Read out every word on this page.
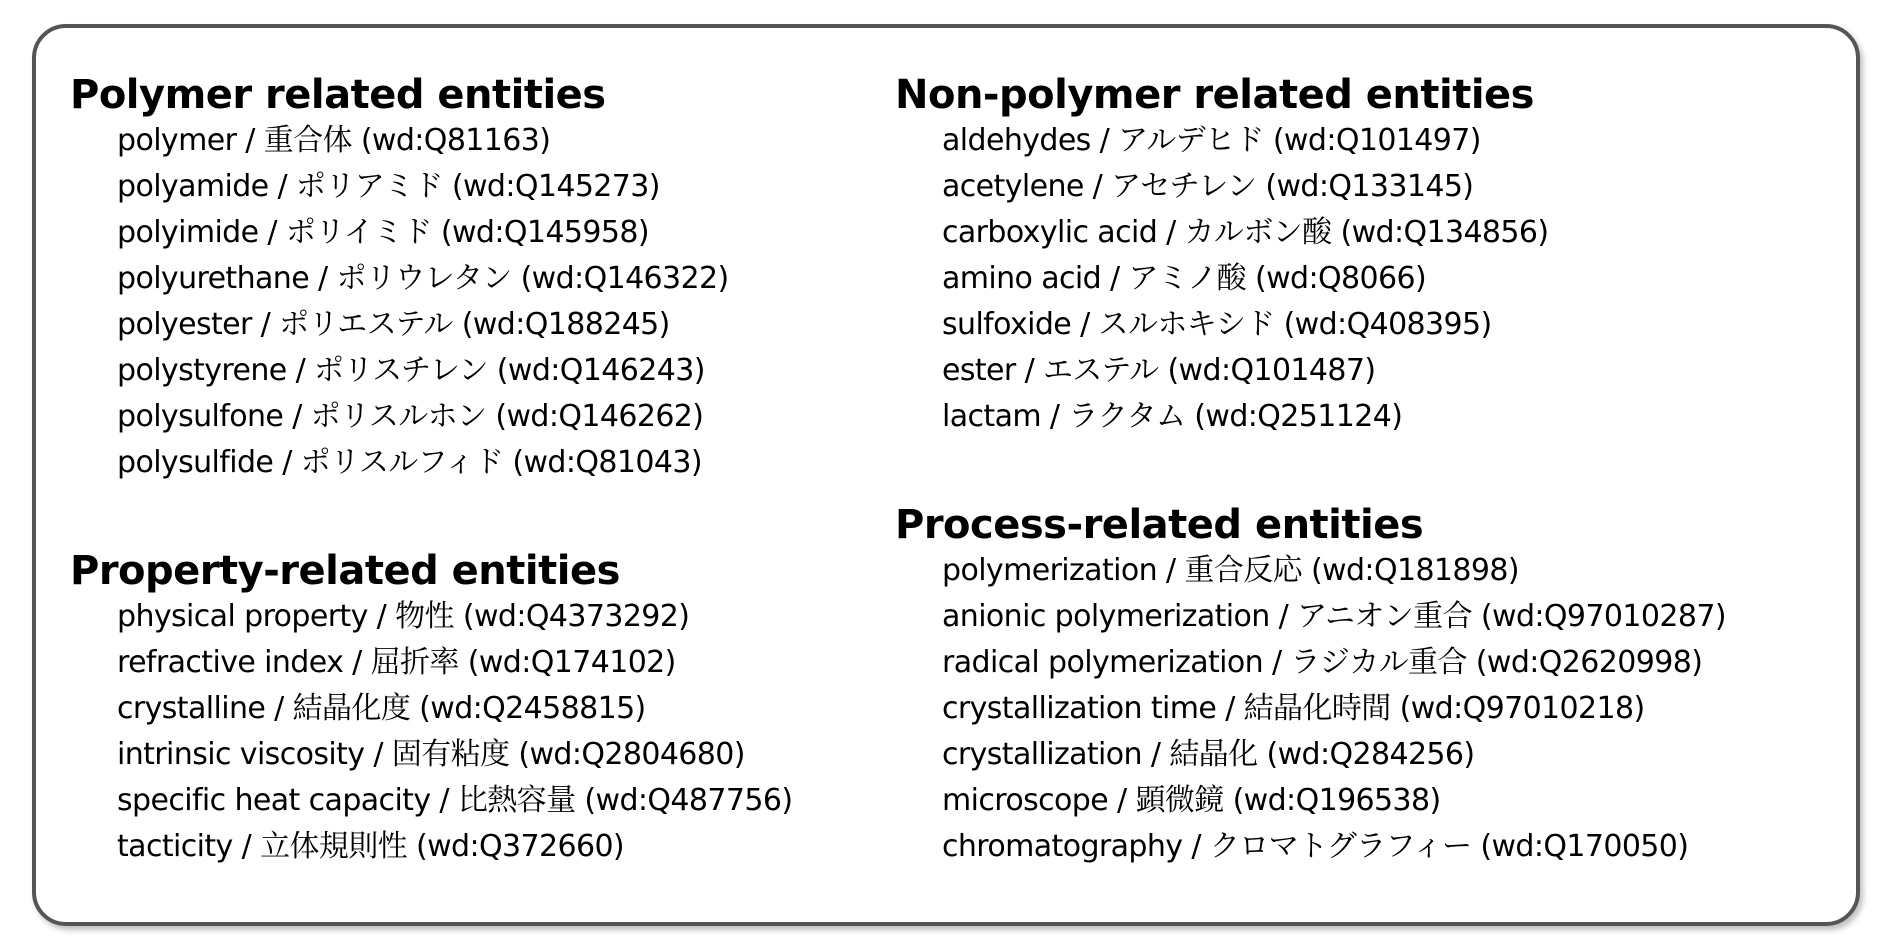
Polymer related entities
polymer / 重合体 (wd:Q81163)
polyamide / ポリアミド (wd:Q145273)
polyimide / ポリイミド (wd:Q145958)
polyurethane / ポリウレタン (wd:Q146322)
polyester / ポリエステル (wd:Q188245)
polystyrene / ポリスチレン (wd:Q146243)
polysulfone / ポリスルホン (wd:Q146262)
polysulfide / ポリスルフィド (wd:Q81043)
Property-related entities
physical property / 物性 (wd:Q4373292)
refractive index / 屈折率 (wd:Q174102)
crystalline / 結晶化度 (wd:Q2458815)
intrinsic viscosity / 固有粘度 (wd:Q2804680)
specific heat capacity / 比熱容量 (wd:Q487756)
tacticity / 立体規則性 (wd:Q372660)
Non-polymer related entities
aldehydes / アルデヒド (wd:Q101497)
acetylene / アセチレン (wd:Q133145)
carboxylic acid / カルボン酸 (wd:Q134856)
amino acid / アミノ酸 (wd:Q8066)
sulfoxide / スルホキシド (wd:Q408395)
ester / エステル (wd:Q101487)
lactam / ラクタム (wd:Q251124)
Process-related entities
polymerization / 重合反応 (wd:Q181898)
anionic polymerization / アニオン重合 (wd:Q97010287)
radical polymerization / ラジカル重合 (wd:Q2620998)
crystallization time / 結晶化時間 (wd:Q97010218)
crystallization / 結晶化 (wd:Q284256)
microscope / 顕微鏡 (wd:Q196538)
chromatography / クロマトグラフィー (wd:Q170050)
